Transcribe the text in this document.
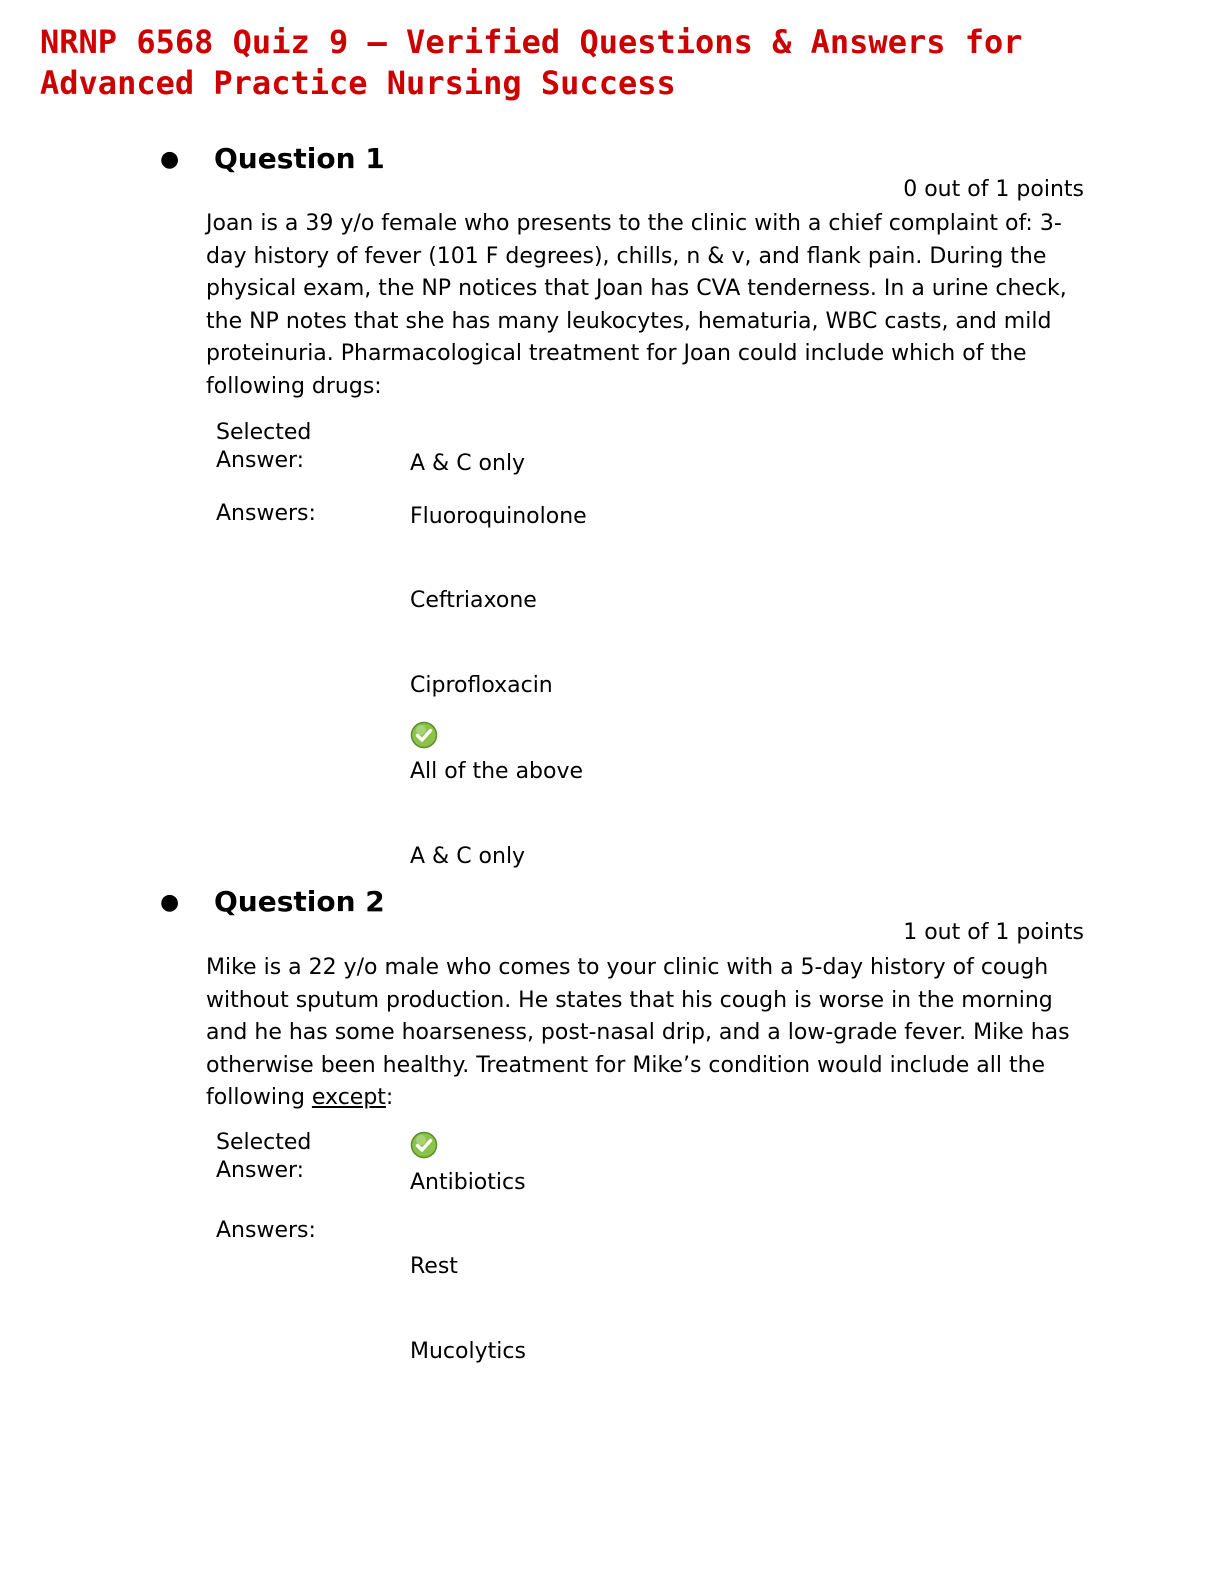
NRNP 6568 Quiz 9 — Verified Questions & Answers for Advanced Practice Nursing Success
● Question 1
0 out of 1 points

Joan is a 39 y/o female who presents to the clinic with a chief complaint of: 3-day history of fever (101 F degrees), chills, n & v, and flank pain. During the physical exam, the NP notices that Joan has CVA tenderness. In a urine check, the NP notes that she has many leukocytes, hematuria, WBC casts, and mild proteinuria. Pharmacological treatment for Joan could include which of the following drugs:

Selected Answer:	A & C only
Answers:	Fluoroquinolone
Ceftriaxone
Ciprofloxacin
All of the above
A & C only
● Question 2
1 out of 1 points

Mike is a 22 y/o male who comes to your clinic with a 5-day history of cough without sputum production. He states that his cough is worse in the morning and he has some hoarseness, post-nasal drip, and a low-grade fever. Mike has otherwise been healthy. Treatment for Mike’s condition would include all the following except:

Selected Answer:	Antibiotics
Answers:
Rest
Mucolytics
